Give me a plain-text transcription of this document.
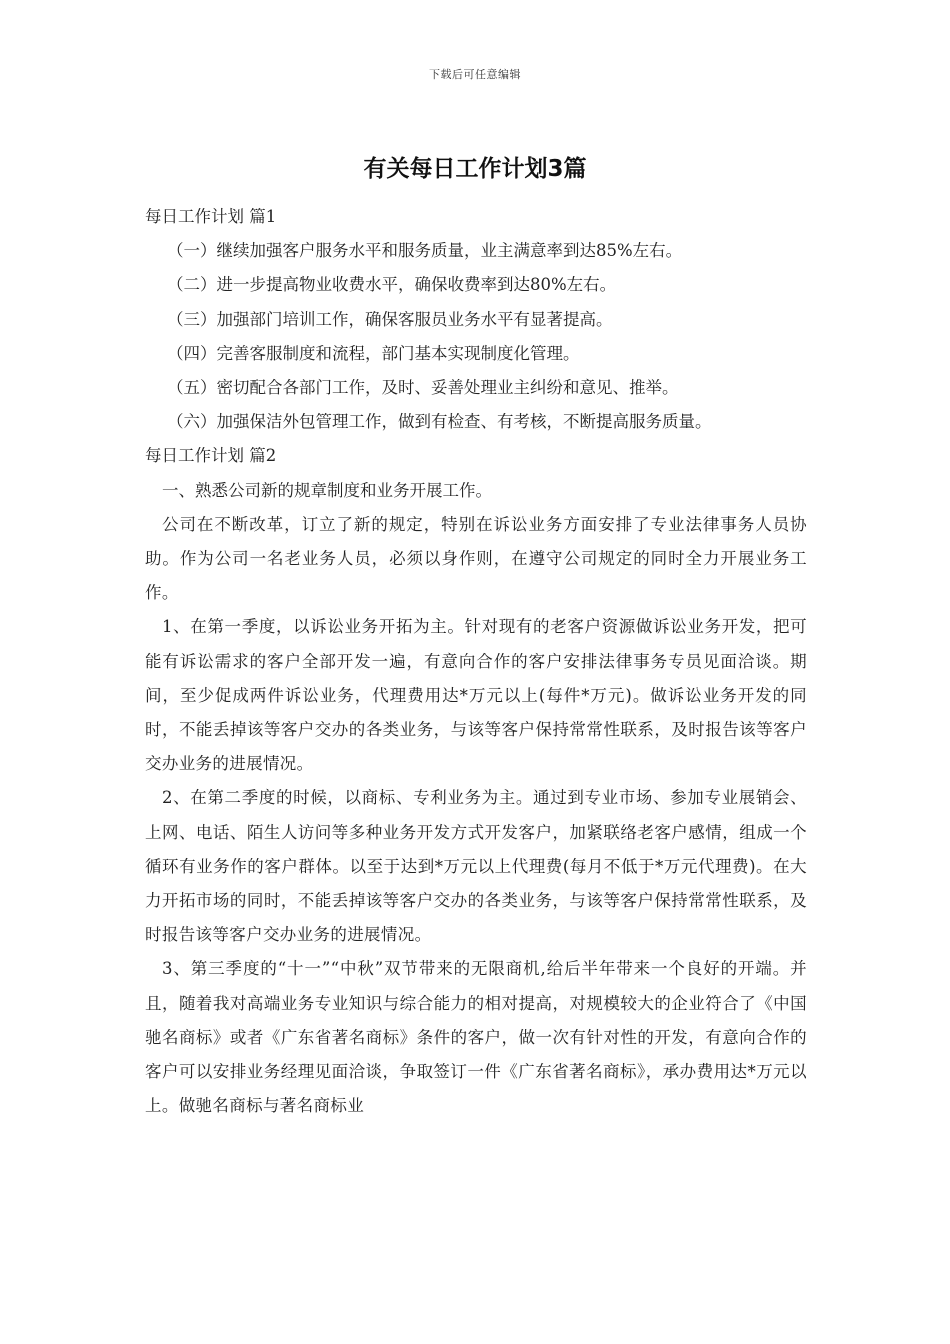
下载后可任意编辑
有关每日工作计划3篇
每日工作计划 篇1
（一）继续加强客户服务水平和服务质量，业主满意率到达85%左右。
（二）进一步提高物业收费水平，确保收费率到达80%左右。
（三）加强部门培训工作，确保客服员业务水平有显著提高。
（四）完善客服制度和流程，部门基本实现制度化管理。
（五）密切配合各部门工作，及时、妥善处理业主纠纷和意见、推举。
（六）加强保洁外包管理工作，做到有检查、有考核，不断提高服务质量。
每日工作计划 篇2
一、熟悉公司新的规章制度和业务开展工作。

公司在不断改革，订立了新的规定，特别在诉讼业务方面安排了专业法律事务人员协助。作为公司一名老业务人员，必须以身作则，在遵守公司规定的同时全力开展业务工作。

1、在第一季度，以诉讼业务开拓为主。针对现有的老客户资源做诉讼业务开发，把可能有诉讼需求的客户全部开发一遍，有意向合作的客户安排法律事务专员见面洽谈。期间，至少促成两件诉讼业务，代理费用达*万元以上(每件*万元)。做诉讼业务开发的同时，不能丢掉该等客户交办的各类业务，与该等客户保持常常性联系，及时报告该等客户交办业务的进展情况。

2、在第二季度的时候，以商标、专利业务为主。通过到专业市场、参加专业展销会、上网、电话、陌生人访问等多种业务开发方式开发客户，加紧联络老客户感情，组成一个循环有业务作的客户群体。以至于达到*万元以上代理费(每月不低于*万元代理费)。在大力开拓市场的同时，不能丢掉该等客户交办的各类业务，与该等客户保持常常性联系，及时报告该等客户交办业务的进展情况。

3、第三季度的“十一”“中秋”双节带来的无限商机,给后半年带来一个良好的开端。并且，随着我对高端业务专业知识与综合能力的相对提高，对规模较大的企业符合了《中国驰名商标》或者《广东省著名商标》条件的客户，做一次有针对性的开发，有意向合作的客户可以安排业务经理见面洽谈，争取签订一件《广东省著名商标》，承办费用达*万元以上。做驰名商标与著名商标业
